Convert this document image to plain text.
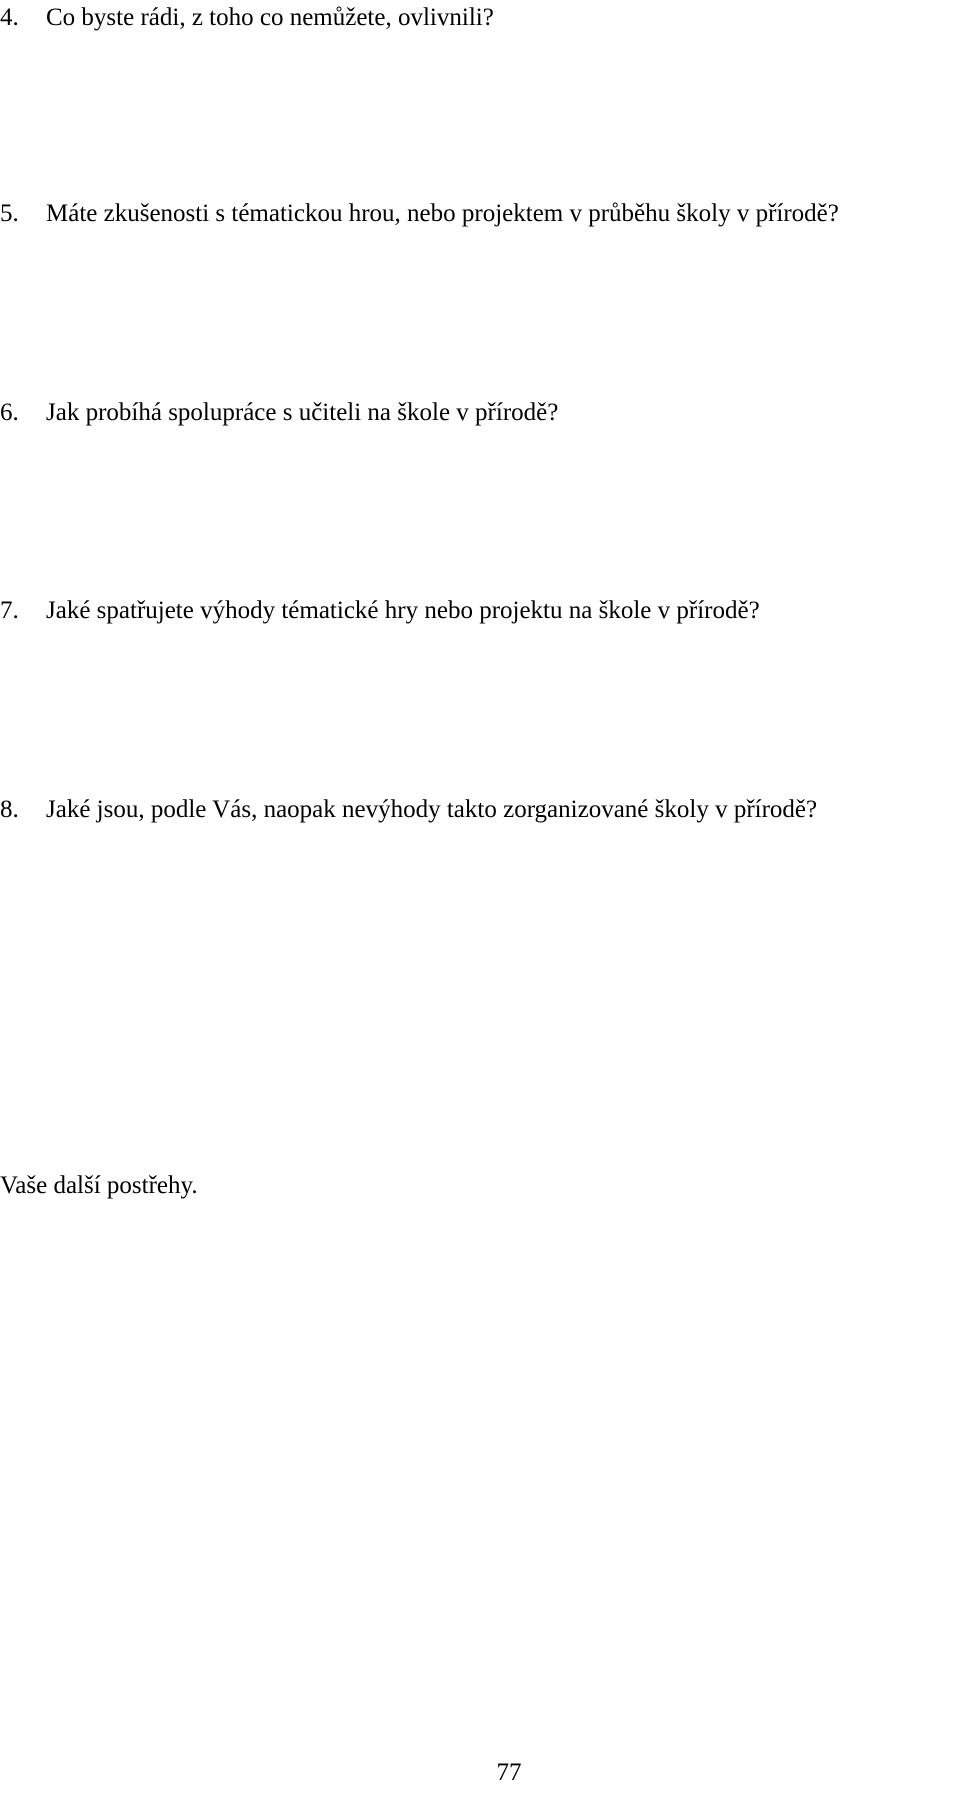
4. Co byste rádi, z toho co nemůžete, ovlivnili?
5. Máte zkušenosti s tématickou hrou, nebo projektem v průběhu školy v přírodě?
6. Jak probíhá spolupráce s učiteli na škole v přírodě?
7. Jaké spatřujete výhody tématické hry nebo projektu na škole v přírodě?
8. Jaké jsou, podle Vás, naopak nevýhody takto zorganizované školy v přírodě?
Vaše další postřehy.
77
